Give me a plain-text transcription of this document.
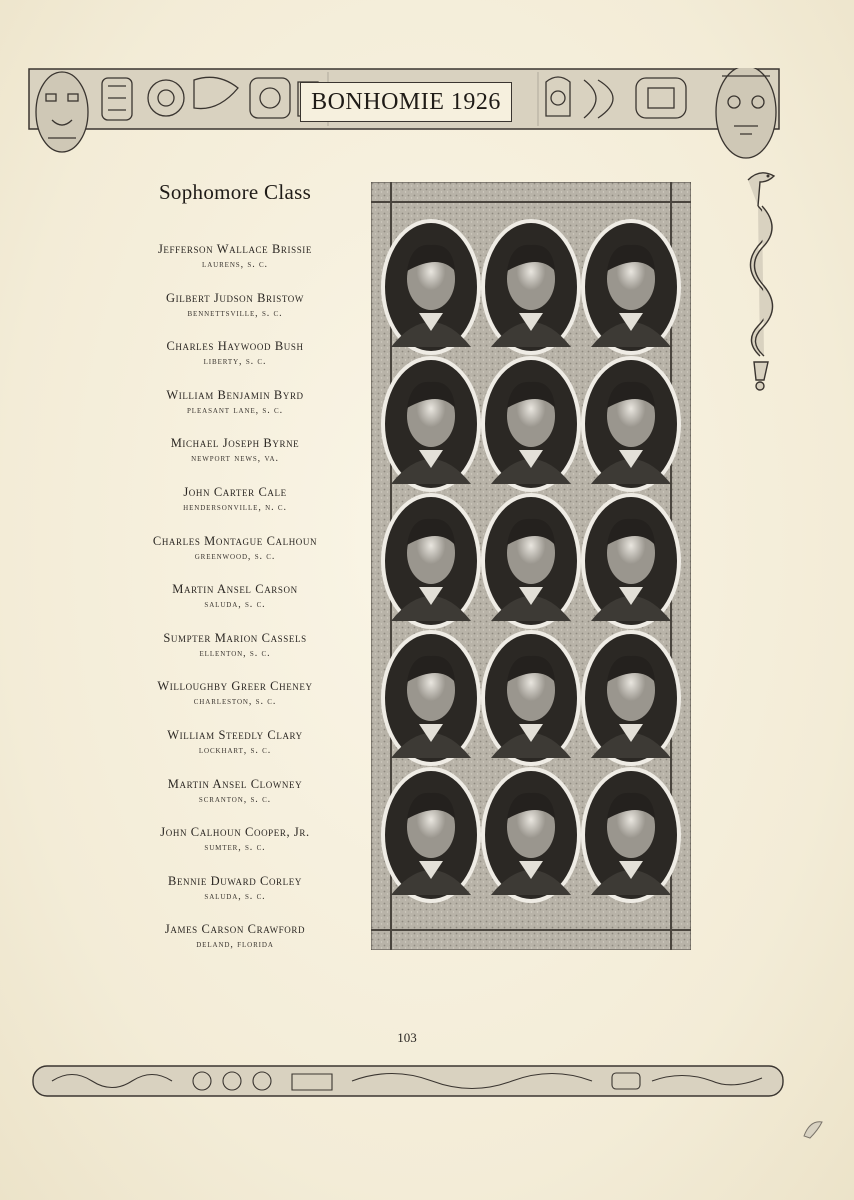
BONHOMIE 1926
Sophomore Class
Jefferson Wallace Brissie
laurens, s. c.
Gilbert Judson Bristow
bennettsville, s. c.
Charles Haywood Bush
liberty, s. c.
William Benjamin Byrd
pleasant lane, s. c.
Michael Joseph Byrne
newport news, va.
John Carter Cale
hendersonville, n. c.
Charles Montague Calhoun
greenwood, s. c.
Martin Ansel Carson
saluda, s. c.
Sumpter Marion Cassels
ellenton, s. c.
Willoughby Greer Cheney
charleston, s. c.
William Steedly Clary
lockhart, s. c.
Martin Ansel Clowney
scranton, s. c.
John Calhoun Cooper, Jr.
sumter, s. c.
Bennie Duward Corley
saluda, s. c.
James Carson Crawford
deland, florida
103
